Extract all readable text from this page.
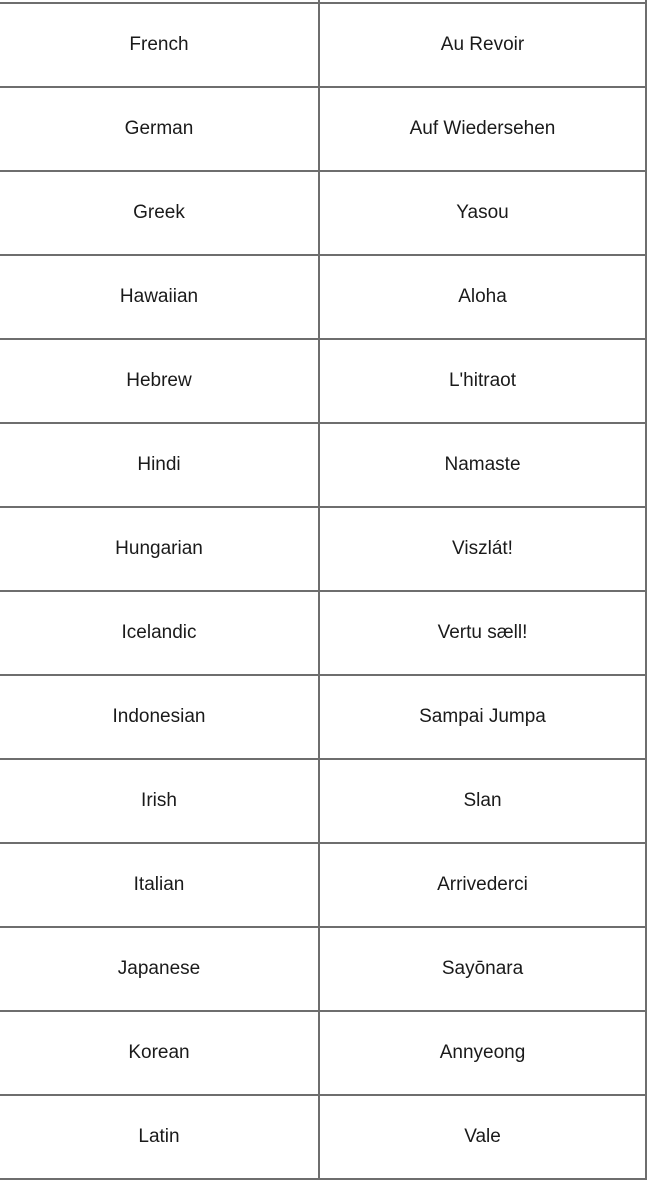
French	Au Revoir
German	Auf Wiedersehen
Greek	Yasou
Hawaiian	Aloha
Hebrew	L'hitraot
Hindi	Namaste
Hungarian	Viszlát!
Icelandic	Vertu sæll!
Indonesian	Sampai Jumpa
Irish	Slan
Italian	Arrivederci
Japanese	Sayōnara
Korean	Annyeong
Latin	Vale
